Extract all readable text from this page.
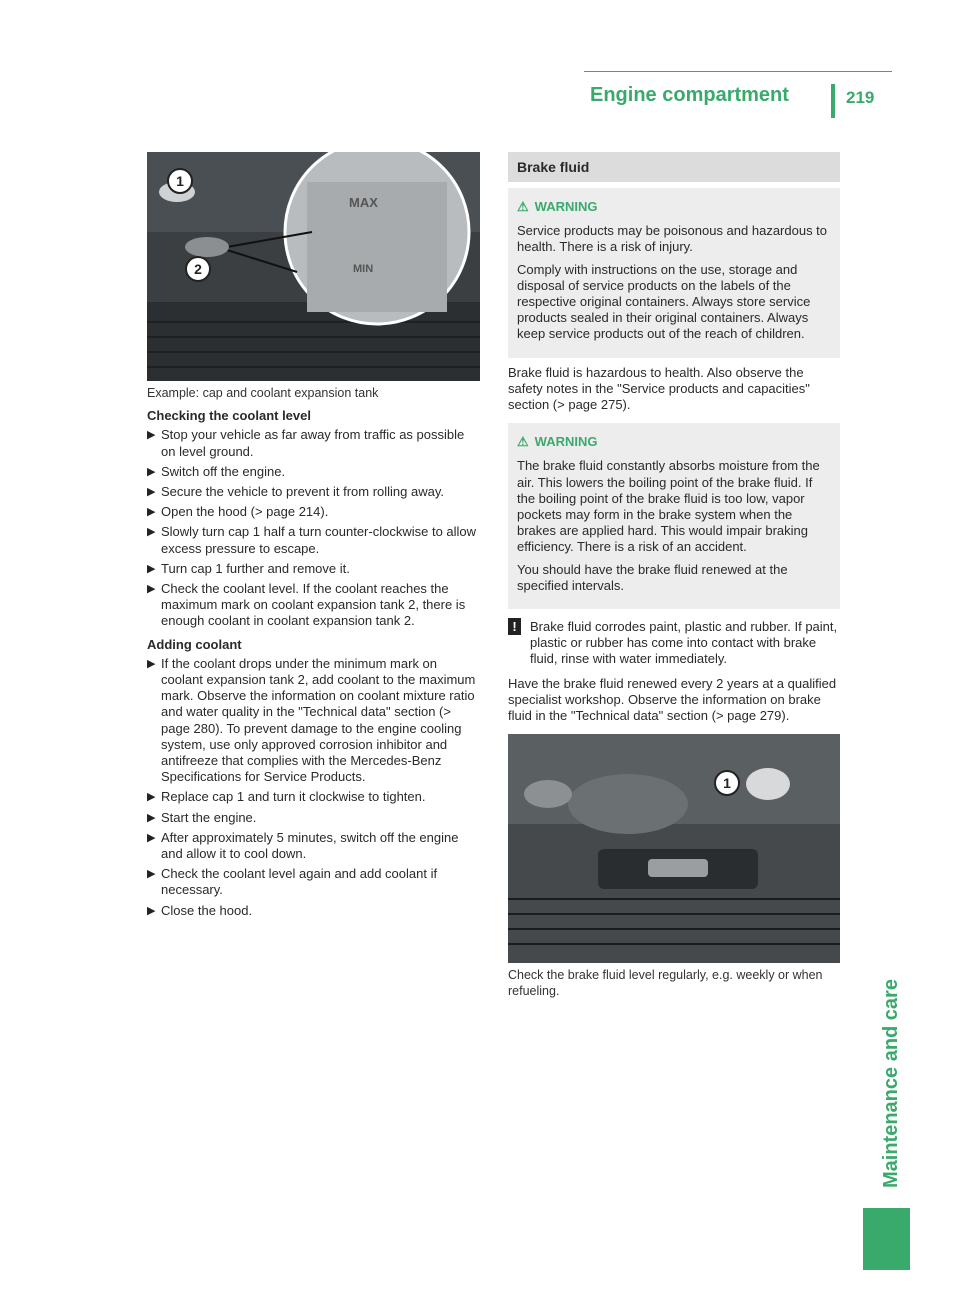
Engine compartment	219
Maintenance and care
MAX
MIN
1
2
Example: cap and coolant expansion tank
Checking the coolant level
▶ Stop your vehicle as far away from traffic as possible on level ground.
▶ Switch off the engine.
▶ Secure the vehicle to prevent it from rolling away.
▶ Open the hood (> page 214).
▶ Slowly turn cap 1 half a turn counter-clockwise to allow excess pressure to escape.
▶ Turn cap 1 further and remove it.
▶ Check the coolant level. If the coolant reaches the maximum mark on coolant expansion tank 2, there is enough coolant in coolant expansion tank 2.
Adding coolant
▶ If the coolant drops under the minimum mark on coolant expansion tank 2, add coolant to the maximum mark. Observe the information on coolant mixture ratio and water quality in the "Technical data" section (> page 280). To prevent damage to the engine cooling system, use only approved corrosion inhibitor and antifreeze that complies with the Mercedes-Benz Specifications for Service Products.
▶ Replace cap 1 and turn it clockwise to tighten.
▶ Start the engine.
▶ After approximately 5 minutes, switch off the engine and allow it to cool down.
▶ Check the coolant level again and add coolant if necessary.
▶ Close the hood.
Brake fluid
⚠ WARNING

Service products may be poisonous and hazardous to health. There is a risk of injury.

Comply with instructions on the use, storage and disposal of service products on the labels of the respective original containers. Always store service products sealed in their original containers. Always keep service products out of the reach of children.

Brake fluid is hazardous to health. Also observe the safety notes in the "Service products and capacities" section (> page 275).
⚠ WARNING

The brake fluid constantly absorbs moisture from the air. This lowers the boiling point of the brake fluid. If the boiling point of the brake fluid is too low, vapor pockets may form in the brake system when the brakes are applied hard. This would impair braking efficiency. There is a risk of an accident.

You should have the brake fluid renewed at the specified intervals.

!	Brake fluid corrodes paint, plastic and rubber. If paint, plastic or rubber has come into contact with brake fluid, rinse with water immediately.
Have the brake fluid renewed every 2 years at a qualified specialist workshop. Observe the information on brake fluid in the "Technical data" section (> page 279).
1
Check the brake fluid level regularly, e.g. weekly or when refueling.
